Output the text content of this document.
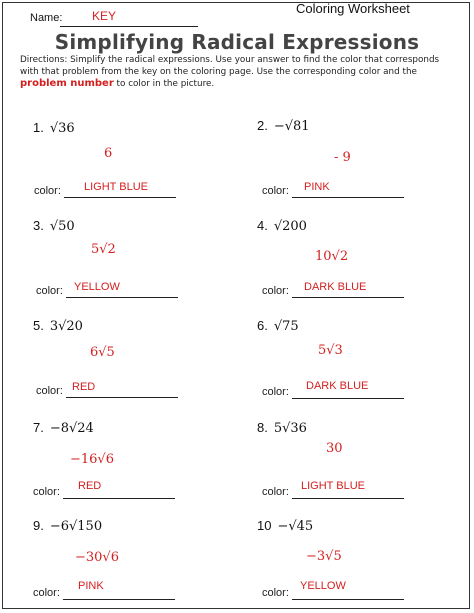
Coloring Worksheet
Name: KEY
Simplifying Radical Expressions
Directions: Simplify the radical expressions. Use your answer to find the color that corresponds with that problem from the key on the coloring page. Use the corresponding color and the problem number to color in the picture.
1. √36
6
color: LIGHT BLUE
2. −√81
- 9
color: PINK
3. √50
5√2
color: YELLOW
4. √200
10√2
color: DARK BLUE
5. 3√20
6√5
color: RED
6. √75
5√3
color: DARK BLUE
7. −8√24
−16√6
color: RED
8. 5√36
30
color: LIGHT BLUE
9. −6√150
−30√6
color:
PINK
10 −√45
−3√5
color:
YELLOW
